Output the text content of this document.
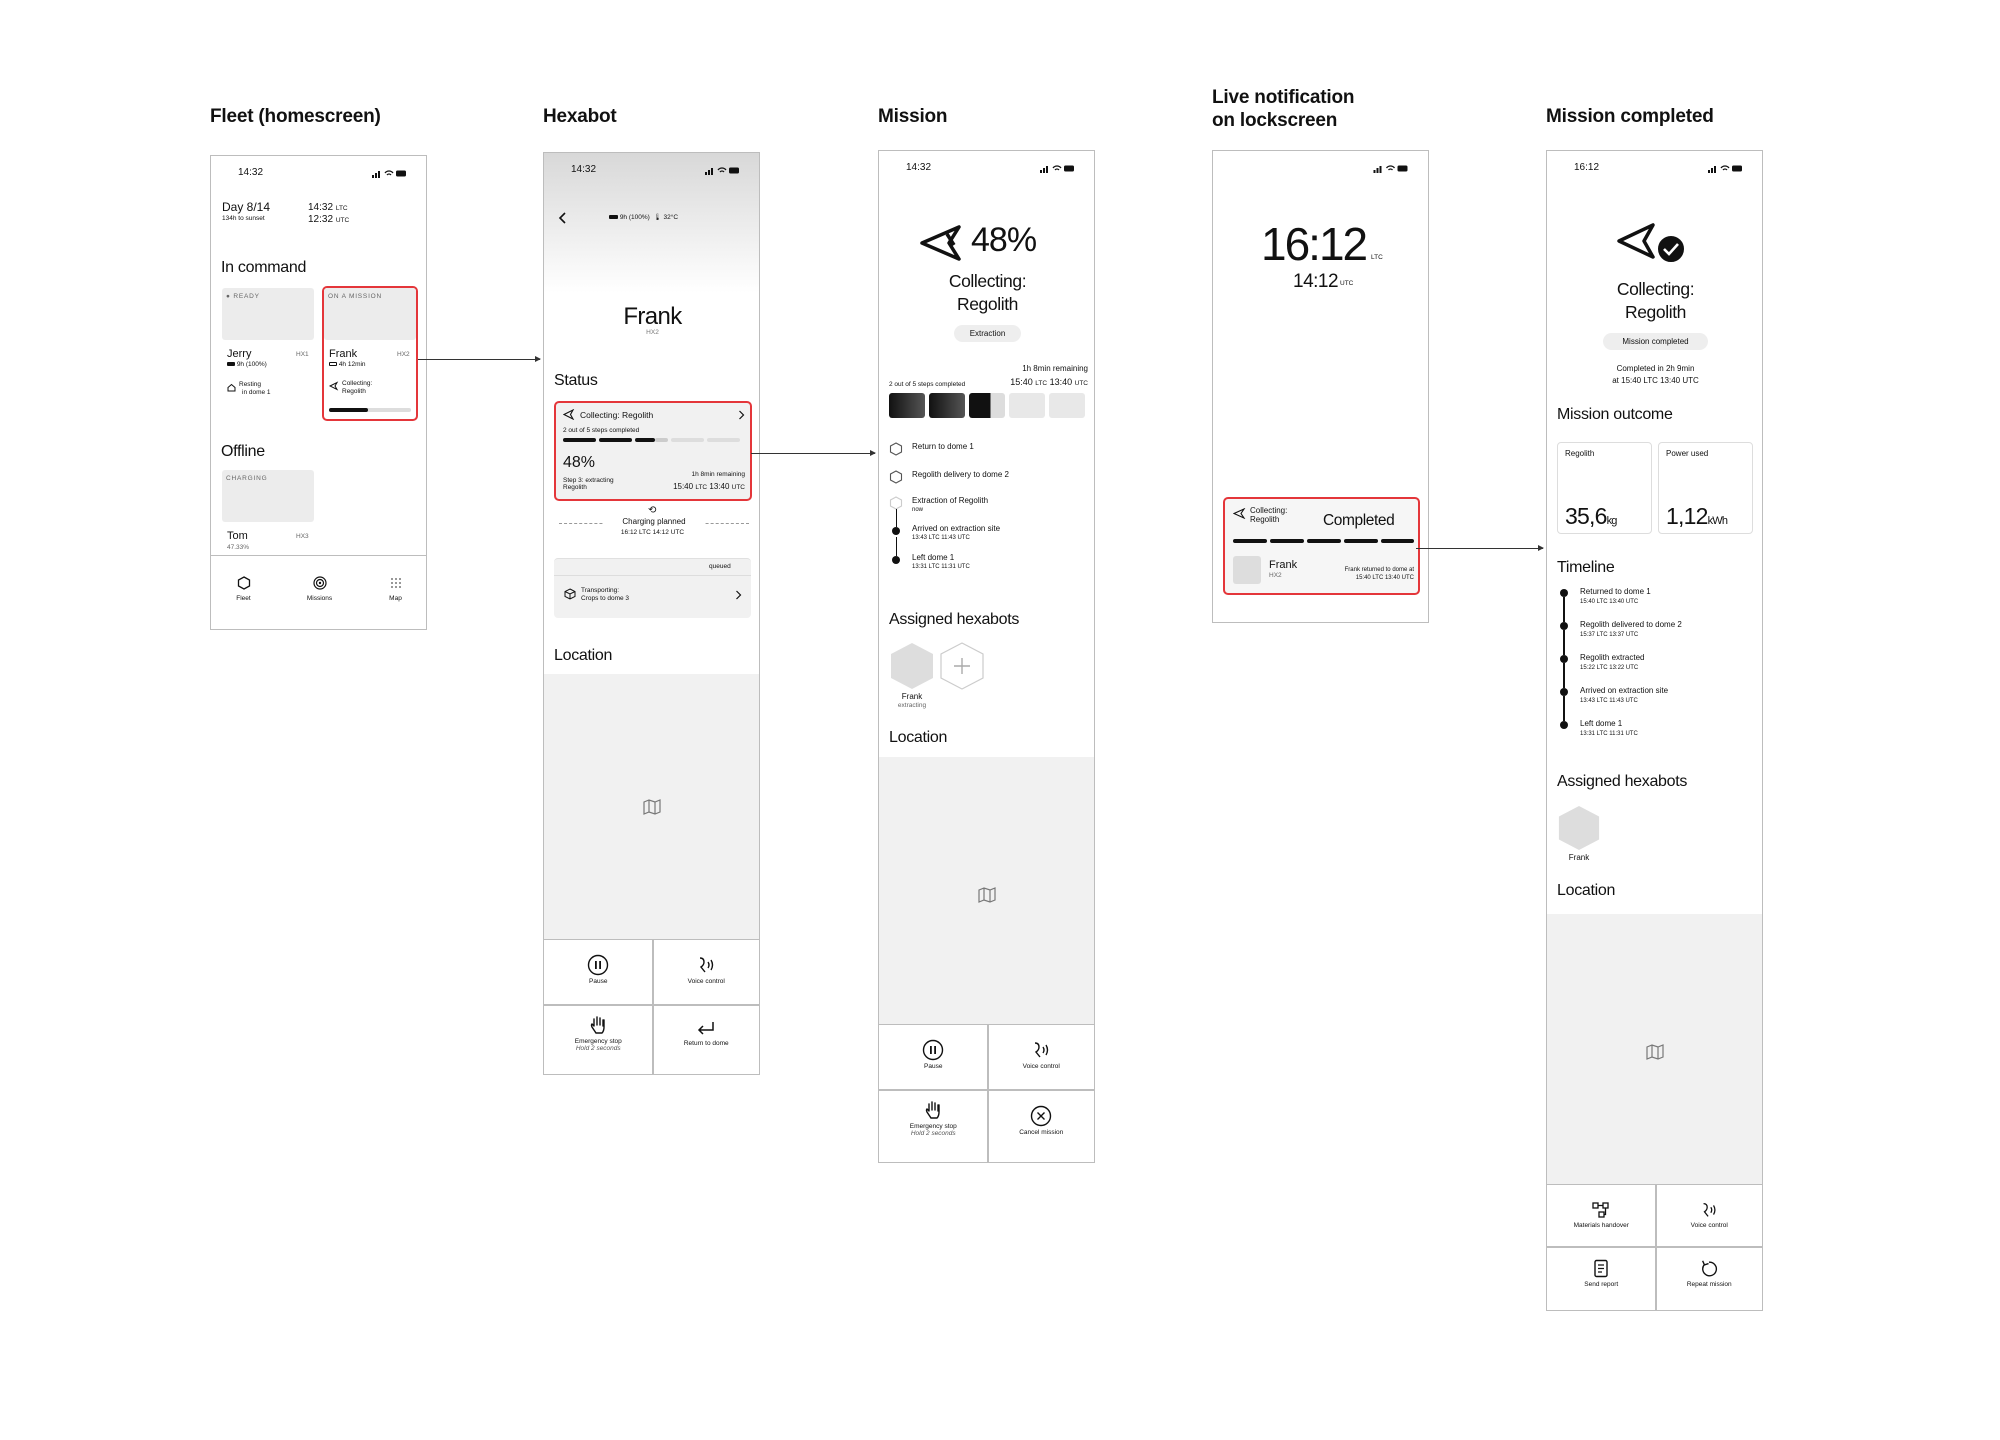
Fleet (homescreen)	Hexabot	Mission
Live notification
on lockscreen	Mission completed
14:32
Day 8/14
134h to sunset
14:32 LTC
12:32 UTC
In command
● READY
Jerry	HX1
9h (100%)
Resting
in dome 1
ON A MISSION
Frank	HX2
4h 12min
Collecting:
Regolith
Offline
CHARGING
Tom	HX3
47.33%
Fleet	Missions	Map
14:32
9h (100%)  🌡 32°C
Frank
HX2
Status
Collecting: Regolith
2 out of 5 steps completed
48%
Step 3: extracting
Regolith
1h 8min remaining
15:40 LTC 13:40 UTC
⟲
Charging planned
16:12 LTC 14:12 UTC
queued
Transporting:
Crops to dome 3
Location
Pause	Voice control
Emergency stop
Hold 2 seconds
Return to dome
14:32
48%
Collecting:
Regolith
Extraction
1h 8min remaining
2 out of 5 steps completed	15:40 LTC 13:40 UTC
Return to dome 1
Regolith delivery to dome 2
Extraction of Regolith
now
Arrived on extraction site
13:43 LTC 11:43 UTC
Left dome 1
13:31 LTC 11:31 UTC
Assigned hexabots
Frank
extracting
Location
Pause	Voice control
Emergency stop
Hold 2 seconds	Cancel mission
16:12 LTC
14:12 UTC
Collecting:
Regolith	Completed
Frank
HX2
Frank returned to dome at
15:40 LTC 13:40 UTC
16:12
Collecting:
Regolith
Mission completed
Completed in 2h 9min
at 15:40 LTC 13:40 UTC
Mission outcome
Regolith
35,6kg
Power used
1,12kWh
Timeline
Returned to dome 1
15:40 LTC 13:40 UTC
Regolith delivered to dome 2
15:37 LTC 13:37 UTC
Regolith extracted
15:22 LTC 13:22 UTC
Arrived on extraction site
13:43 LTC 11:43 UTC
Left dome 1
13:31 LTC 11:31 UTC
Assigned hexabots
Frank
Location
Materials handover	Voice control
Send report	Repeat mission
